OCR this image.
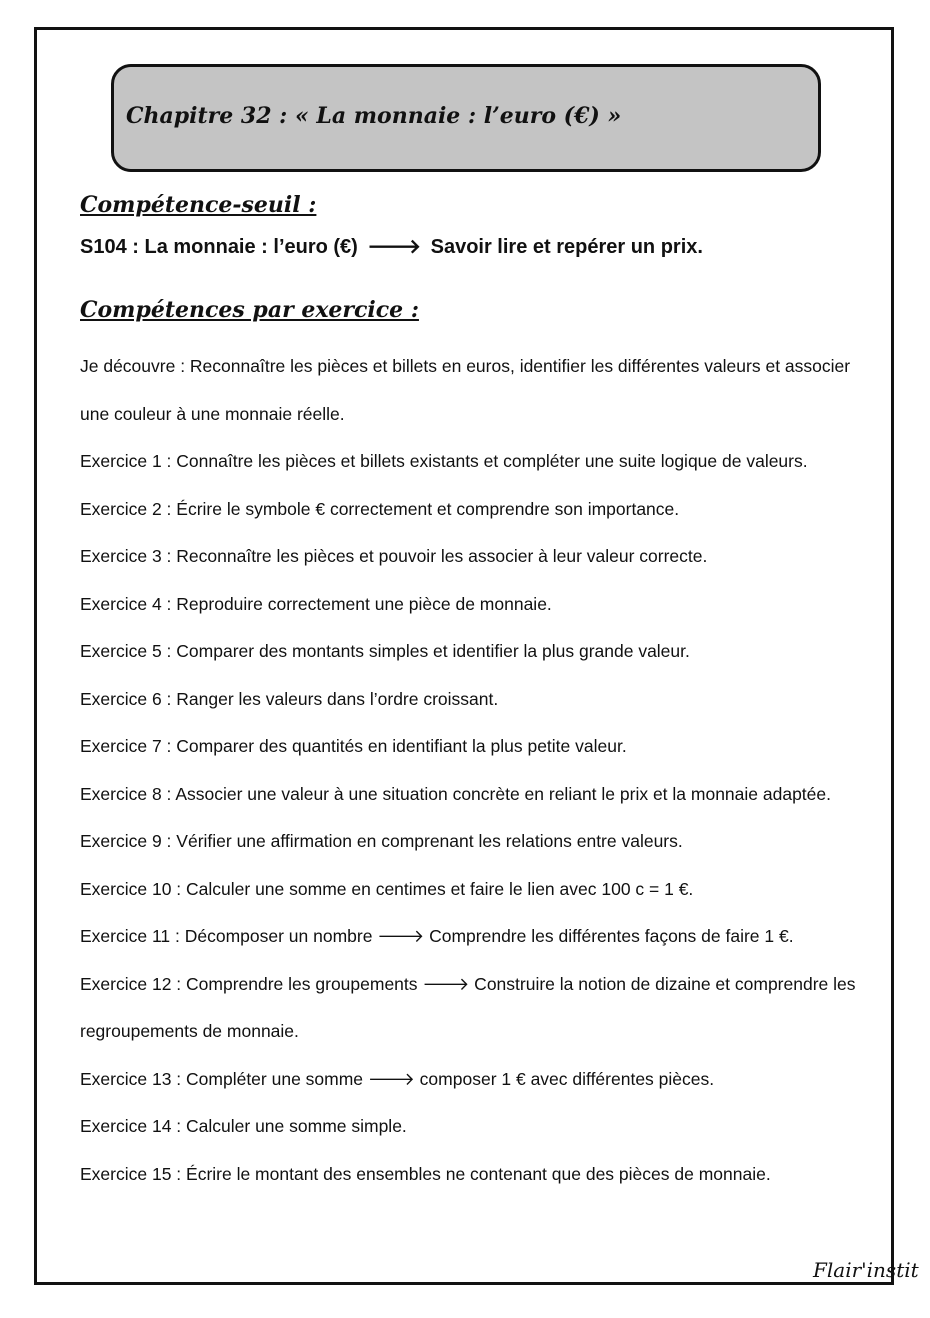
Chapitre 32 : « La monnaie : l’euro (€) »
Compétence-seuil :
S104 : La monnaie : l’euro (€) 🡒 Savoir lire et repérer un prix.
Compétences par exercice :
Je découvre : Reconnaître les pièces et billets en euros, identifier les différentes valeurs et associer une couleur à une monnaie réelle.
Exercice 1 : Connaître les pièces et billets existants et compléter une suite logique de valeurs.
Exercice 2 : Écrire le symbole € correctement et comprendre son importance.
Exercice 3 : Reconnaître les pièces et pouvoir les associer à leur valeur correcte.
Exercice 4 : Reproduire correctement une pièce de monnaie.
Exercice 5 : Comparer des montants simples et identifier la plus grande valeur.
Exercice 6 : Ranger les valeurs dans l’ordre croissant.
Exercice 7 : Comparer des quantités en identifiant la plus petite valeur.
Exercice 8 : Associer une valeur à une situation concrète en reliant le prix et la monnaie adaptée.
Exercice 9 : Vérifier une affirmation en comprenant les relations entre valeurs.
Exercice 10 : Calculer une somme en centimes et faire le lien avec 100 c = 1 €.
Exercice 11 : Décomposer un nombre 🡒 Comprendre les différentes façons de faire 1 €.
Exercice 12 : Comprendre les groupements 🡒 Construire la notion de dizaine et comprendre les regroupements de monnaie.
Exercice 13 : Compléter une somme 🡒 composer 1 € avec différentes pièces.
Exercice 14 : Calculer une somme simple.
Exercice 15 : Écrire le montant des ensembles ne contenant que des pièces de monnaie.
Flair'instit
